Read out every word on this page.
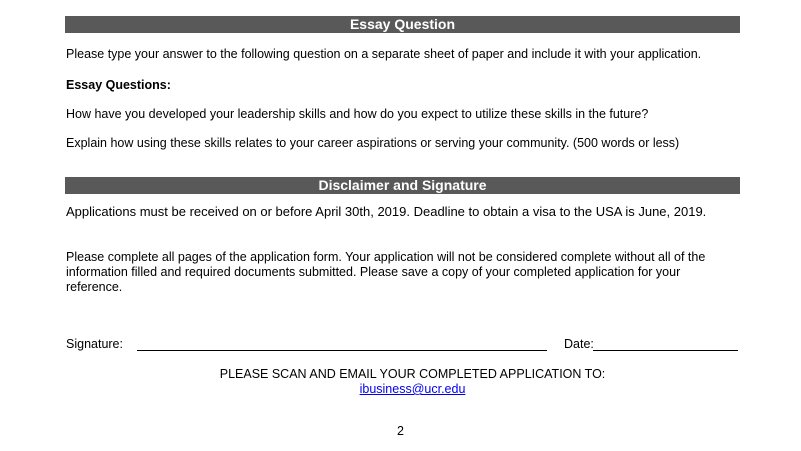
Essay Question
Please type your answer to the following question on a separate sheet of paper and include it with your application.
Essay Questions:
How have you developed your leadership skills and how do you expect to utilize these skills in the future?
Explain how using these skills relates to your career aspirations or serving your community. (500 words or less)
Disclaimer and Signature
Applications must be received on or before April 30th, 2019. Deadline to obtain a visa to the USA is June, 2019.
Please complete all pages of the application form. Your application will not be considered complete without all of the information filled and required documents submitted. Please save a copy of your completed application for your reference.
Signature:	Date:
PLEASE SCAN AND EMAIL YOUR COMPLETED APPLICATION TO:
ibusiness@ucr.edu
2
